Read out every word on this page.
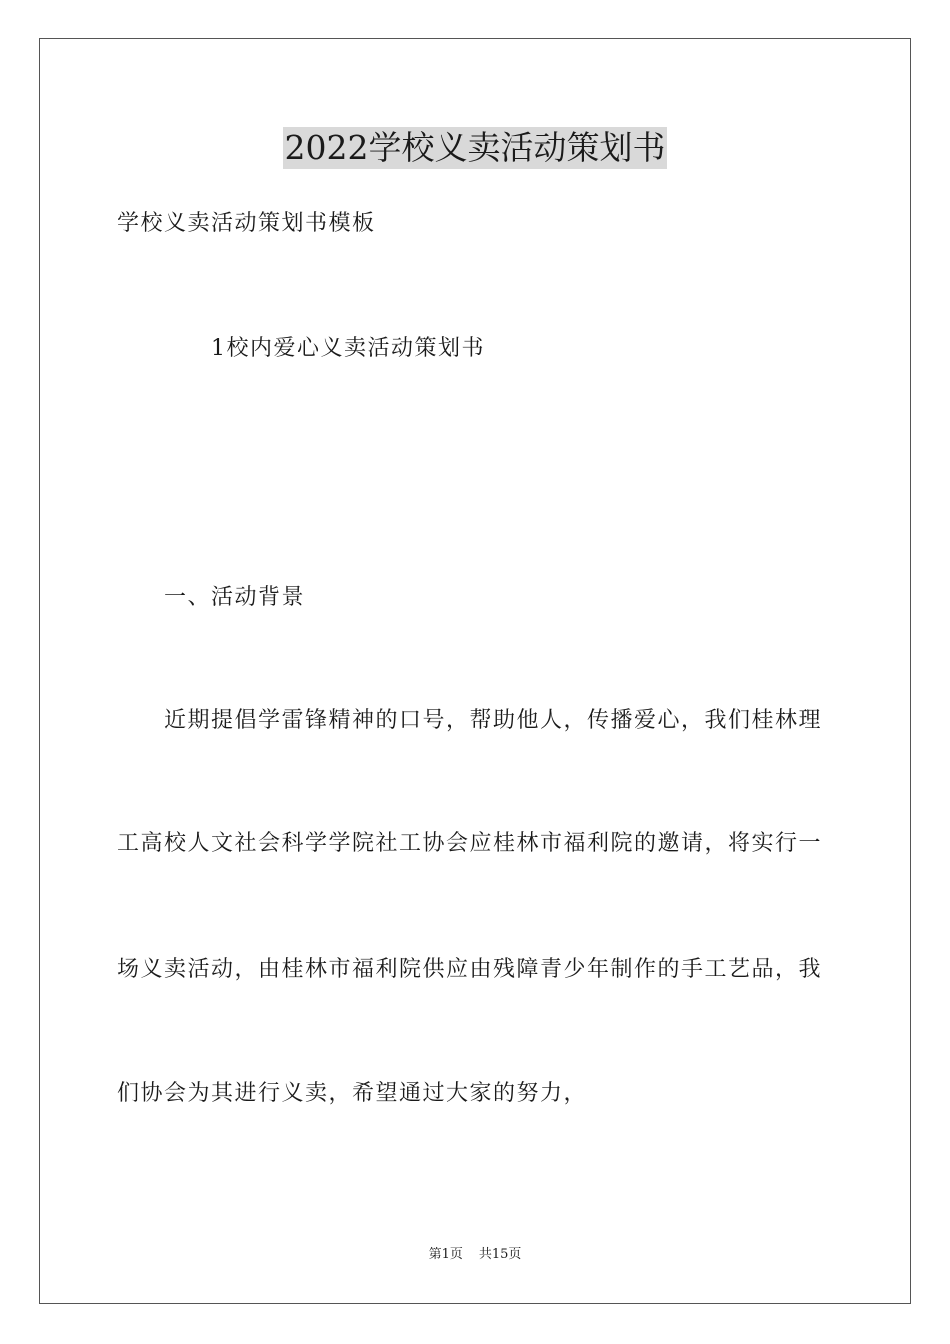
2022学校义卖活动策划书
学校义卖活动策划书模板
1校内爱心义卖活动策划书
一、活动背景
近期提倡学雷锋精神的口号，帮助他人，传播爱心，我们桂林理
工高校人文社会科学学院社工协会应桂林市福利院的邀请，将实行一
场义卖活动，由桂林市福利院供应由残障青少年制作的手工艺品，我
们协会为其进行义卖，希望通过大家的努力，
第1页 共15页
